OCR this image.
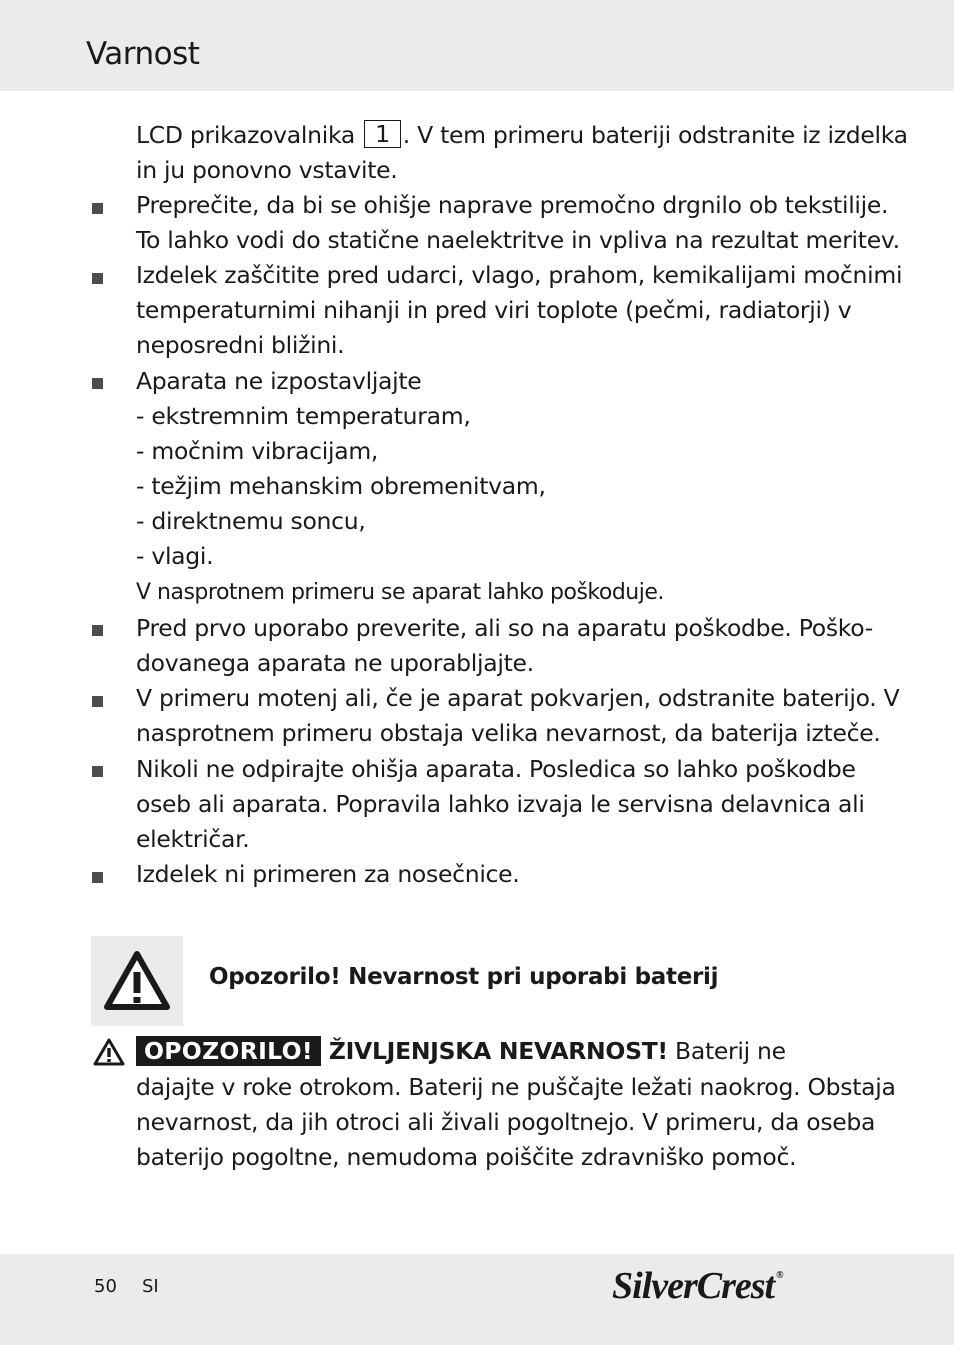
Varnost
LCD prikazovalnika 1 . V tem primeru bateriji odstranite iz izdelka
in ju ponovno vstavite.
Preprečite, da bi se ohišje naprave premočno drgnilo ob tekstilije.
To lahko vodi do statične naelektritve in vpliva na rezultat meritev.
Izdelek zaščitite pred udarci, vlago, prahom, kemikalijami močnimi
temperaturnimi nihanji in pred viri toplote (pečmi, radiatorji) v
neposredni bližini.
Aparata ne izpostavljajte
- ekstremnim temperaturam,
- močnim vibracijam,
- težjim mehanskim obremenitvam,
- direktnemu soncu,
- vlagi.
V nasprotnem primeru se aparat lahko poškoduje.
Pred prvo uporabo preverite, ali so na aparatu poškodbe. Poško-
dovanega aparata ne uporabljajte.
V primeru motenj ali, če je aparat pokvarjen, odstranite baterijo. V
nasprotnem primeru obstaja velika nevarnost, da baterija izteče.
Nikoli ne odpirajte ohišja aparata. Posledica so lahko poškodbe
oseb ali aparata. Popravila lahko izvaja le servisna delavnica ali
električar.
Izdelek ni primeren za nosečnice.
Opozorilo! Nevarnost pri uporabi baterij
OPOZORILO! ŽIVLJENJSKA NEVARNOST! Baterij ne
dajajte v roke otrokom. Baterij ne puščajte ležati naokrog. Obstaja
nevarnost, da jih otroci ali živali pogoltnejo. V primeru, da oseba
baterijo pogoltne, nemudoma poiščite zdravniško pomoč.
50 SI	SilverCrest ®
